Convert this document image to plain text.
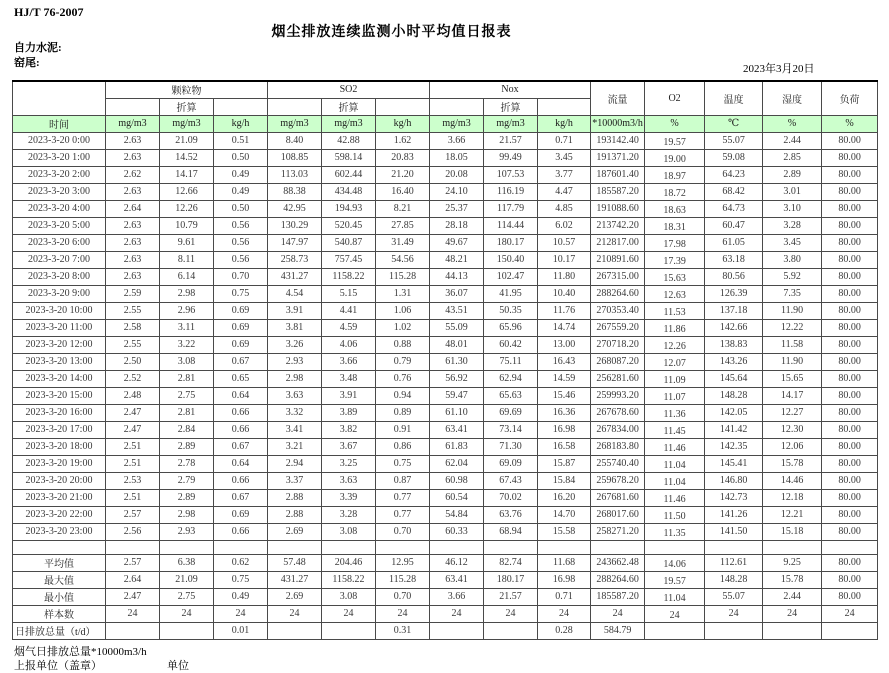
HJ/T 76-2007
烟尘排放连续监测小时平均值日报表
自力水泥:
窑尾:	2023年3月20日
	颗粒物			SO2			Nox			流量	O2	温度	湿度	负荷
		折算			折算			折算						
时间	mg/m3	mg/m3	kg/h	mg/m3	mg/m3	kg/h	mg/m3	mg/m3	kg/h	*10000m3/h	%	℃	%	%
2023-3-20 0:00	2.63	21.09	0.51	8.40	42.88	1.62	3.66	21.57	0.71	193142.40	19.57	55.07	2.44	80.00
2023-3-20 1:00	2.63	14.52	0.50	108.85	598.14	20.83	18.05	99.49	3.45	191371.20	19.00	59.08	2.85	80.00
2023-3-20 2:00	2.62	14.17	0.49	113.03	602.44	21.20	20.08	107.53	3.77	187601.40	18.97	64.23	2.89	80.00
2023-3-20 3:00	2.63	12.66	0.49	88.38	434.48	16.40	24.10	116.19	4.47	185587.20	18.72	68.42	3.01	80.00
2023-3-20 4:00	2.64	12.26	0.50	42.95	194.93	8.21	25.37	117.79	4.85	191088.60	18.63	64.73	3.10	80.00
2023-3-20 5:00	2.63	10.79	0.56	130.29	520.45	27.85	28.18	114.44	6.02	213742.20	18.31	60.47	3.28	80.00
2023-3-20 6:00	2.63	9.61	0.56	147.97	540.87	31.49	49.67	180.17	10.57	212817.00	17.98	61.05	3.45	80.00
2023-3-20 7:00	2.63	8.11	0.56	258.73	757.45	54.56	48.21	150.40	10.17	210891.60	17.39	63.18	3.80	80.00
2023-3-20 8:00	2.63	6.14	0.70	431.27	1158.22	115.28	44.13	102.47	11.80	267315.00	15.63	80.56	5.92	80.00
2023-3-20 9:00	2.59	2.98	0.75	4.54	5.15	1.31	36.07	41.95	10.40	288264.60	12.63	126.39	7.35	80.00
2023-3-20 10:00	2.55	2.96	0.69	3.91	4.41	1.06	43.51	50.35	11.76	270353.40	11.53	137.18	11.90	80.00
2023-3-20 11:00	2.58	3.11	0.69	3.81	4.59	1.02	55.09	65.96	14.74	267559.20	11.86	142.66	12.22	80.00
2023-3-20 12:00	2.55	3.22	0.69	3.26	4.06	0.88	48.01	60.42	13.00	270718.20	12.26	138.83	11.58	80.00
2023-3-20 13:00	2.50	3.08	0.67	2.93	3.66	0.79	61.30	75.11	16.43	268087.20	12.07	143.26	11.90	80.00
2023-3-20 14:00	2.52	2.81	0.65	2.98	3.48	0.76	56.92	62.94	14.59	256281.60	11.09	145.64	15.65	80.00
2023-3-20 15:00	2.48	2.75	0.64	3.63	3.91	0.94	59.47	65.63	15.46	259993.20	11.07	148.28	14.17	80.00
2023-3-20 16:00	2.47	2.81	0.66	3.32	3.89	0.89	61.10	69.69	16.36	267678.60	11.36	142.05	12.27	80.00
2023-3-20 17:00	2.47	2.84	0.66	3.41	3.82	0.91	63.41	73.14	16.98	267834.00	11.45	141.42	12.30	80.00
2023-3-20 18:00	2.51	2.89	0.67	3.21	3.67	0.86	61.83	71.30	16.58	268183.80	11.46	142.35	12.06	80.00
2023-3-20 19:00	2.51	2.78	0.64	2.94	3.25	0.75	62.04	69.09	15.87	255740.40	11.04	145.41	15.78	80.00
2023-3-20 20:00	2.53	2.79	0.66	3.37	3.63	0.87	60.98	67.43	15.84	259678.20	11.04	146.80	14.46	80.00
2023-3-20 21:00	2.51	2.89	0.67	2.88	3.39	0.77	60.54	70.02	16.20	267681.60	11.46	142.73	12.18	80.00
2023-3-20 22:00	2.57	2.98	0.69	2.88	3.28	0.77	54.84	63.76	14.70	268017.60	11.50	141.26	12.21	80.00
2023-3-20 23:00	2.56	2.93	0.66	2.69	3.08	0.70	60.33	68.94	15.58	258271.20	11.35	141.50	15.18	80.00

平均值	2.57	6.38	0.62	57.48	204.46	12.95	46.12	82.74	11.68	243662.48	14.06	112.61	9.25	80.00
最大值	2.64	21.09	0.75	431.27	1158.22	115.28	63.41	180.17	16.98	288264.60	19.57	148.28	15.78	80.00
最小值	2.47	2.75	0.49	2.69	3.08	0.70	3.66	21.57	0.71	185587.20	11.04	55.07	2.44	80.00
样本数	24	24	24	24	24	24	24	24	24	24	24	24	24	24
日排放总量（t/d）			0.01			0.31			0.28	584.79				
烟气日排放总量*10000m3/h
上报单位（盖章）	单位
